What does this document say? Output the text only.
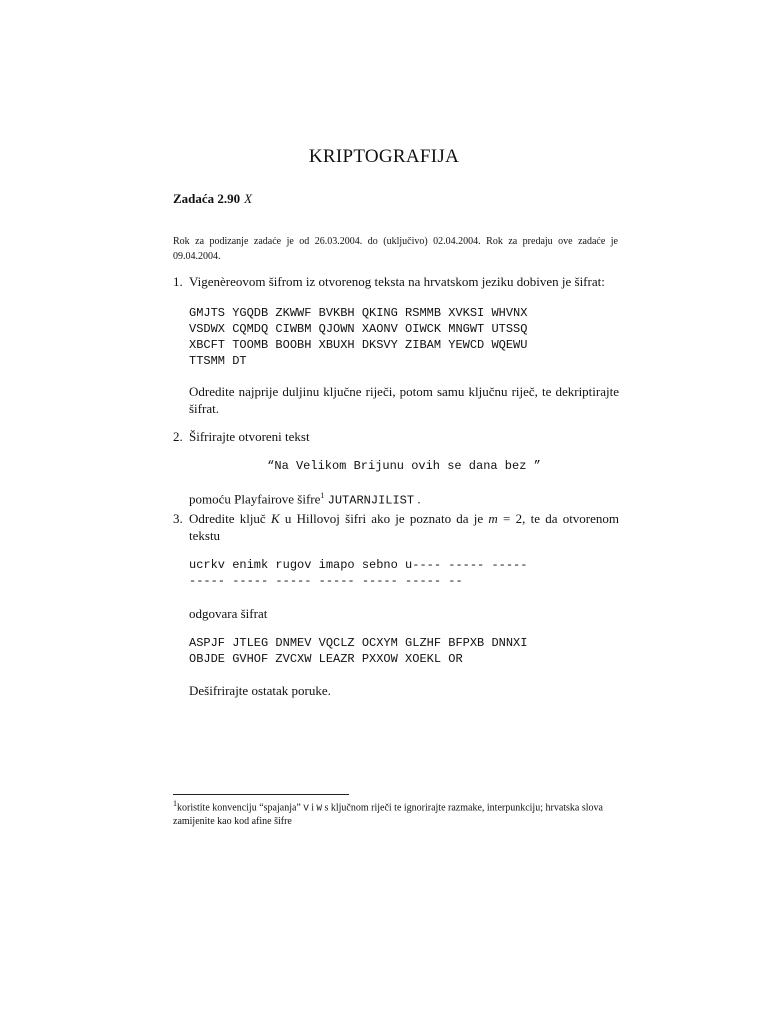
KRIPTOGRAFIJA
Zadaća 2.90 X
Rok za podizanje zadaće je od 26.03.2004. do (uključivo) 02.04.2004. Rok za predaju ove zadaće je 09.04.2004.
1. Vigenèreovom šifrom iz otvorenog teksta na hrvatskom jeziku dobiven je šifrat:
GMJTS YGQDB ZKWWF BVKBH QKING RSMMB XVKSI WHVNX
VSDWX CQMDQ CIWBM QJOWN XAONV OIWCK MNGWT UTSSQ
XBCFT TOOMB BOOBH XBUXH DKSVY ZIBAM YEWCD WQEWU
TTSMM DT
Odredite najprije duljinu ključne riječi, potom samu ključnu riječ, te dekriptirajte šifrat.
2. Šifrirajte otvoreni tekst
“Na Velikom Brijunu ovih se dana bez ”
pomoću Playfairove šifre$^1$ JUTARNJILIST .
3. Odredite ključ K u Hillovoj šifri ako je poznato da je m = 2, te da otvorenom tekstu
ucrkv enimk rugov imapo sebno u---- ----- -----
----- ----- ----- ----- ----- ----- --
odgovara šifrat
ASPJF JTLEG DNMEV VQCLZ OCXYM GLZHF BFPXB DNNXI
OBJDE GVHOF ZVCXW LEAZR PXXOW XOEKL OR
Dešifrirajte ostatak poruke.
$^1$koristite konvenciju “spajanja” V i W s ključnom riječi te ignorirajte razmake, interpunkciju; hrvatska slova zamijenite kao kod afine šifre
